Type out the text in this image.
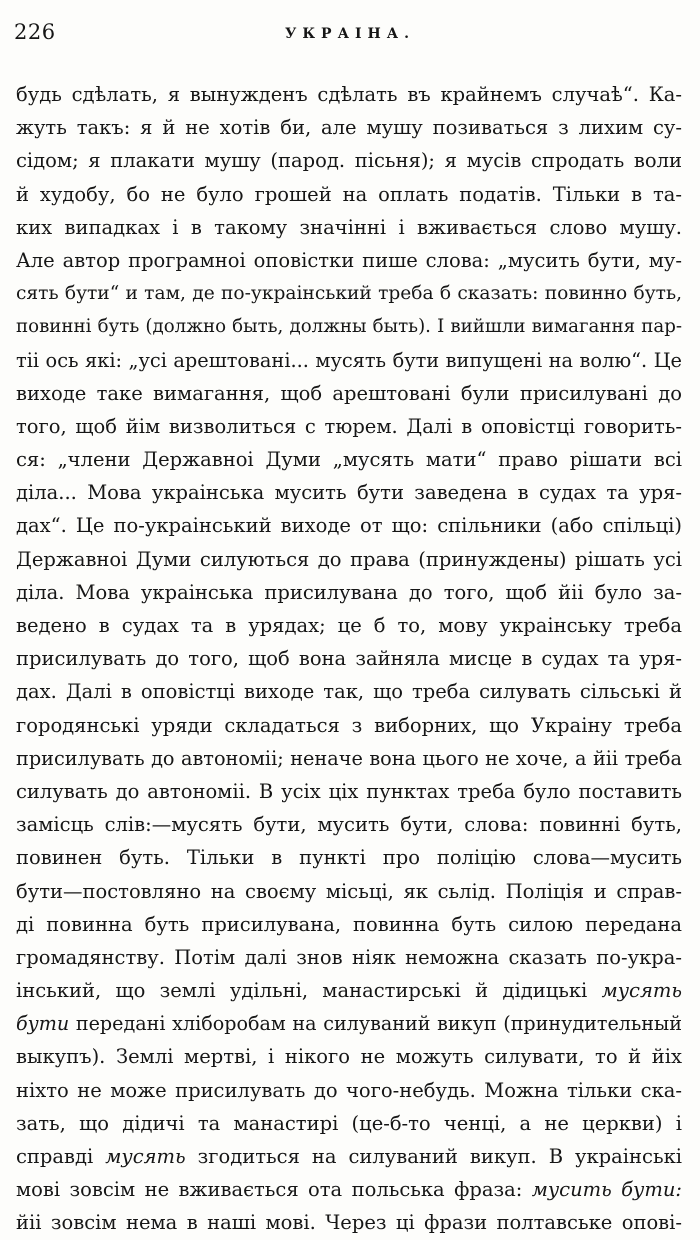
226	УКРАІНА.
будь сдѣлать, я вынужденъ сдѣлать въ крайнемъ случаѣ“. Ка-
жуть такъ: я й не хотів би, але мушу позиватьcя з лихим су-
сідом; я плакати мушу (парод. пісьня); я мусів спродать воли
й худобу, бо не було грошей на оплать податів. Тільки в та-
ких випадках і в такому значінні і вживаєтьcя слово мушу.
Але автор програмноі оповістки пише слова: „мусить бути, му-
сять бути“ и там, де по-украінський треба б сказать: повинно буть,
повинні буть (должно быть, должны быть). І вийшли вимагання пар-
тіі ось які: „усі арештовані... мусять бути випущені на волю“. Це
виходе таке вимагання, щоб арештовані були присилувані до
того, щоб йім визволитьcя с тюрем. Далі в оповістці говорить-
ся: „члени Державноі Думи „мусять мати“ право рішати всі
діла... Мова украінська мусить бути заведена в судах та уря-
дах“. Це по-украінський виходе от що: спільники (або спільці)
Державноі Думи силуютьcя до права (принуждены) рішать усі
діла. Мова украінська присилувана до того, щоб йіі було за-
ведено в судах та в урядах; це б то, мову украінську треба
присилувать до того, щоб вона зайняла мисце в судах та уря-
дах. Далі в оповістці виходе так, що треба силувать сільські й
городянські уряди складатьcя з виборних, що Украіну треба
присилувать до автономіі; неначе вона цього не хоче, а йіі треба
силувать до автономіі. В усіх ціх пунктах треба було поставить
замісць слів:—мусять бути, мусить бути, слова: повинні буть,
повинен буть. Тільки в пункті про поліцію слова—мусить
бути—постовляно на своєму місьці, як сьлід. Поліція и справ-
ді повинна буть присилувана, повинна буть силою передана
громадянству. Потім далі знов ніяк неможна сказать по-укра-
інський, що землі удільні, манастирські й дідицькі мусять
бути передані хліборобам на силуваний викуп (принудительный
выкупъ). Землі мертві, і нікого не можуть силувати, то й йіх
ніхто не може присилувать до чого-небудь. Можна тільки ска-
зать, що дідичі та манастирі (це-б-то ченці, а не церкви) і
справді мусять згодитьcя на силуваний викуп. В украінські
мові зовсім не вживаєтьcя ота польська фраза: мусить бути:
йіі зовсім нема в наші мові. Через ці фрази полтавське опові-
